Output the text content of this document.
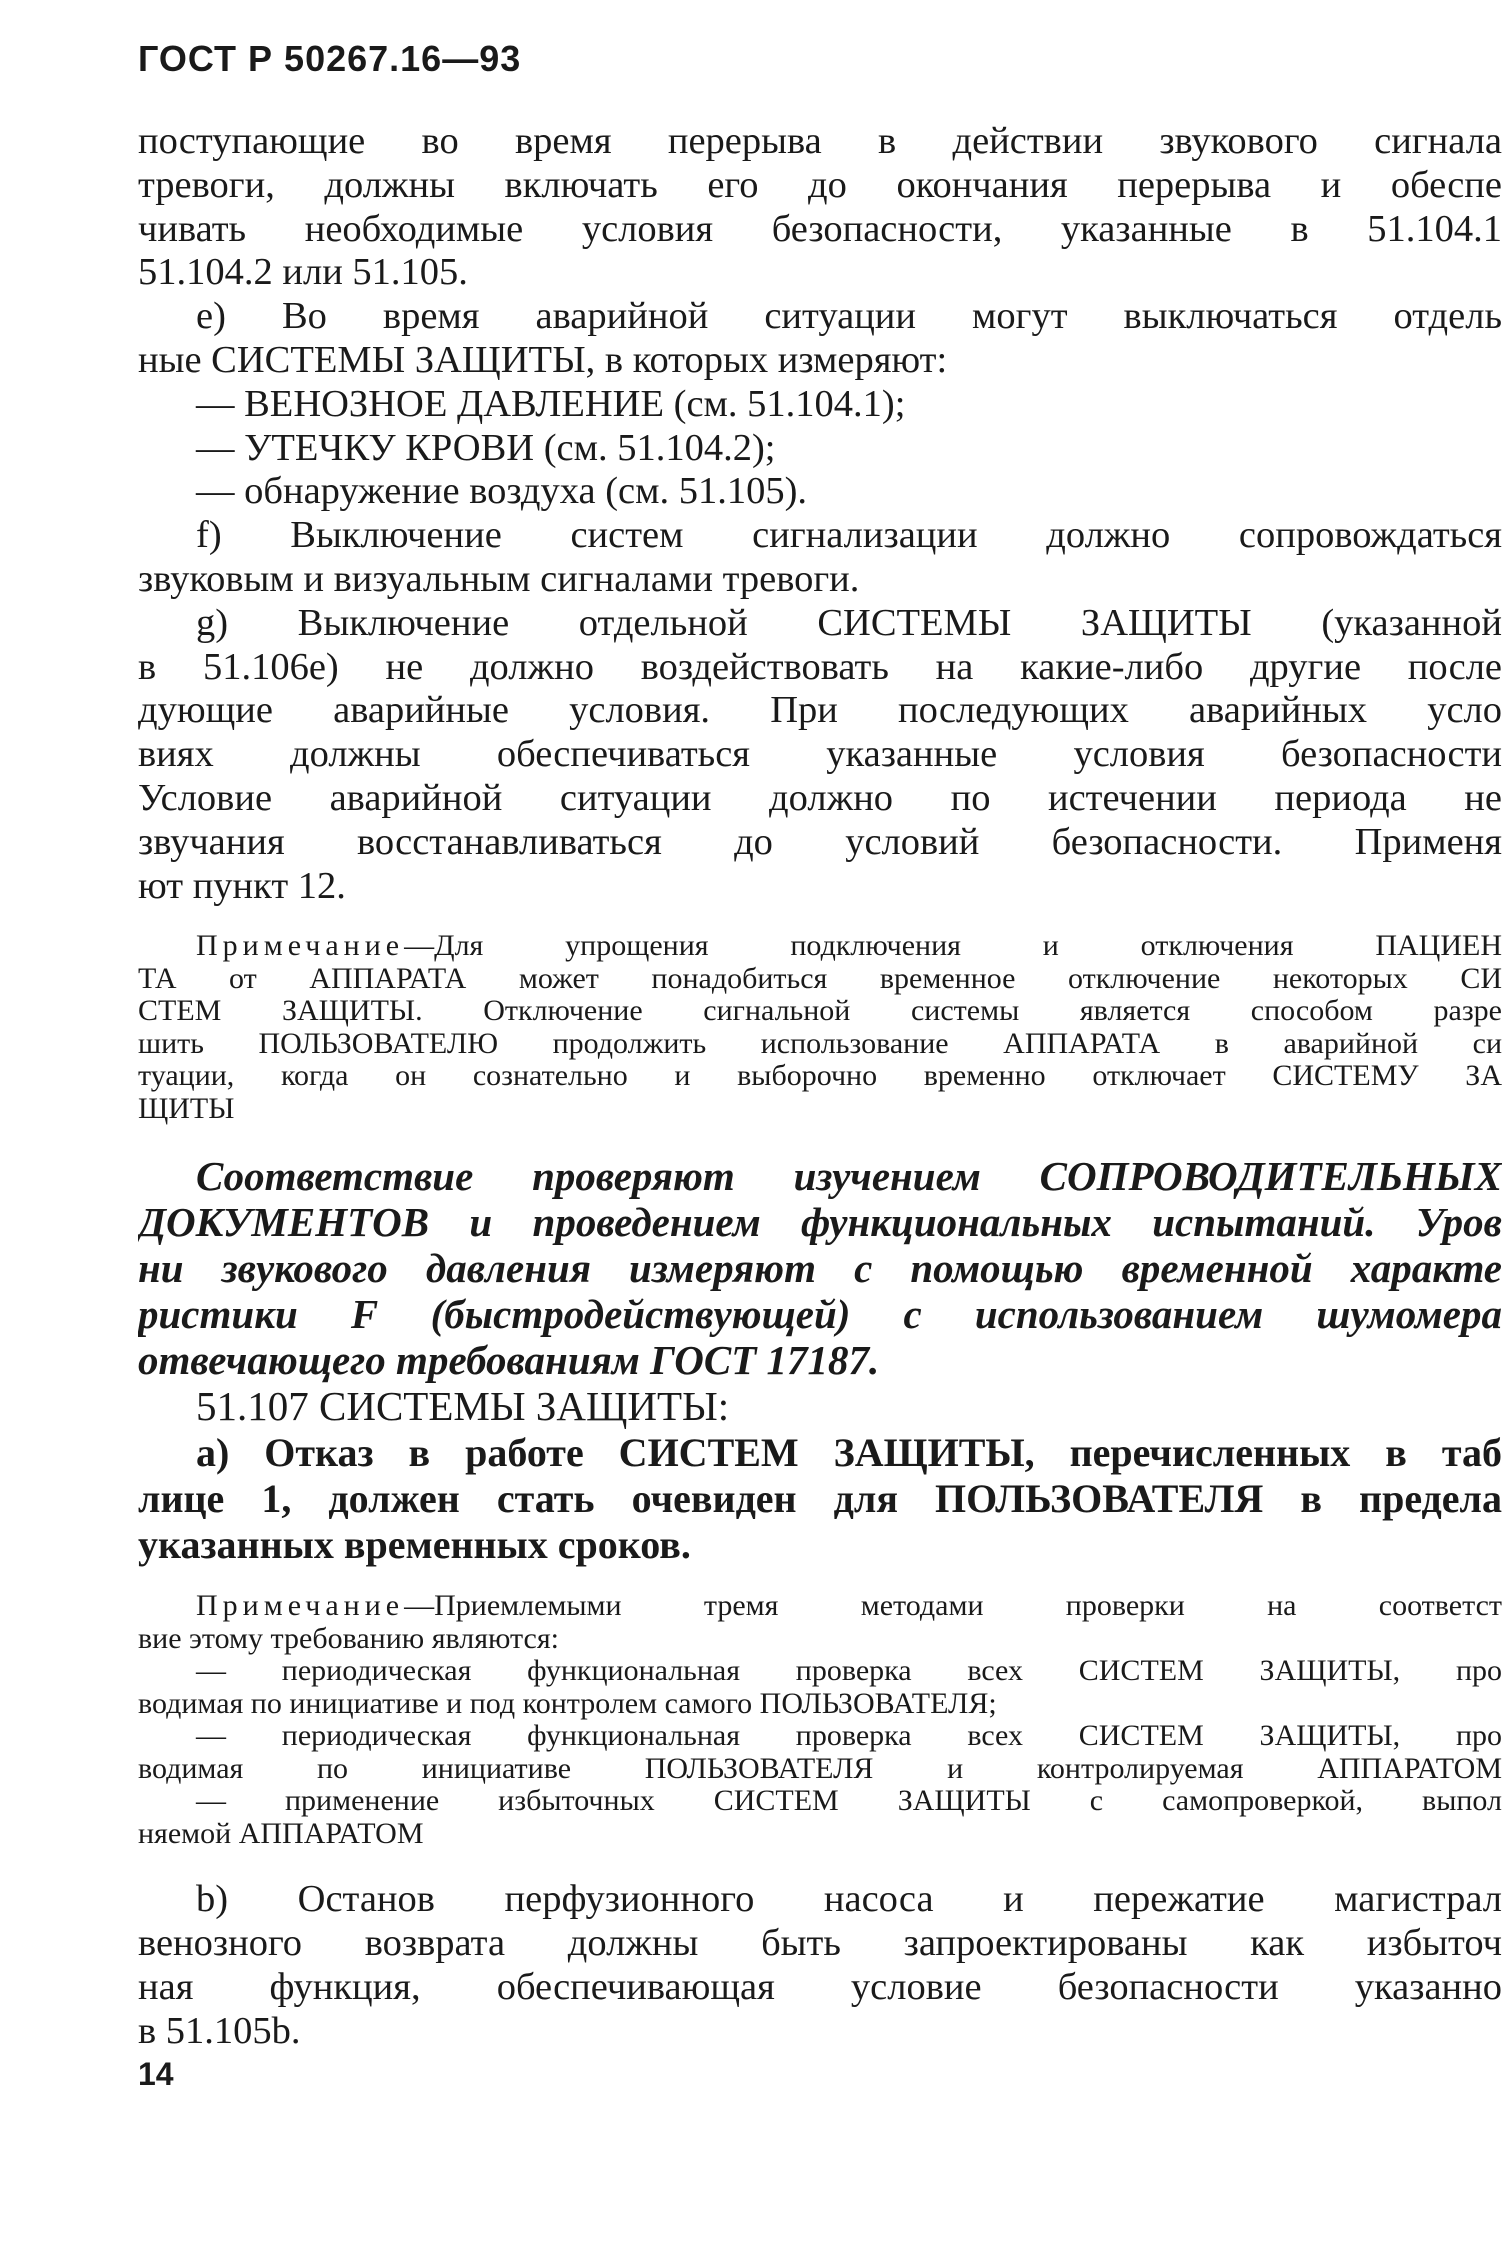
ГОСТ Р 50267.16—93
поступающие во время перерыва в действии звукового сигнала
тревоги, должны включать его до окончания перерыва и обеспе
чивать необходимые условия безопасности, указанные в 51.104.1
51.104.2 или 51.105.
e) Во время аварийной ситуации могут выключаться отдель
ные СИСТЕМЫ ЗАЩИТЫ, в которых измеряют:
— ВЕНОЗНОЕ ДАВЛЕНИЕ (см. 51.104.1);
— УТЕЧКУ КРОВИ (см. 51.104.2);
— обнаружение воздуха (см. 51.105).
f) Выключение систем сигнализации должно сопровождаться
звуковым и визуальным сигналами тревоги.
g) Выключение отдельной СИСТЕМЫ ЗАЩИТЫ (указанной
в 51.106e) не должно воздействовать на какие-либо другие после
дующие аварийные условия. При последующих аварийных усло
виях должны обеспечиваться указанные условия безопасности
Условие аварийной ситуации должно по истечении периода не
звучания восстанавливаться до условий безопасности. Применя
ют пункт 12.
Примечание—Для упрощения подключения и отключения ПАЦИЕН
ТА от АППАРАТА может понадобиться временное отключение некоторых СИ
СТЕМ ЗАЩИТЫ. Отключение сигнальной системы является способом разре
шить ПОЛЬЗОВАТЕЛЮ продолжить использование АППАРАТА в аварийной си
туации, когда он сознательно и выборочно временно отключает СИСТЕМУ ЗА
ЩИТЫ
Соответствие проверяют изучением СОПРОВОДИТЕЛЬНЫХ
ДОКУМЕНТОВ и проведением функциональных испытаний. Уров
ни звукового давления измеряют с помощью временной характе
ристики F (быстродействующей) с использованием шумомера
отвечающего требованиям ГОСТ 17187.
51.107 СИСТЕМЫ ЗАЩИТЫ:
a) Отказ в работе СИСТЕМ ЗАЩИТЫ, перечисленных в таб
лице 1, должен стать очевиден для ПОЛЬЗОВАТЕЛЯ в предела
указанных временных сроков.
Примечание—Приемлемыми тремя методами проверки на соответст
вие этому требованию являются:
— периодическая функциональная проверка всех СИСТЕМ ЗАЩИТЫ, про
водимая по инициативе и под контролем самого ПОЛЬЗОВАТЕЛЯ;
— периодическая функциональная проверка всех СИСТЕМ ЗАЩИТЫ, про
водимая по инициативе ПОЛЬЗОВАТЕЛЯ и контролируемая АППАРАТОМ
— применение избыточных СИСТЕМ ЗАЩИТЫ с самопроверкой, выпол
няемой АППАРАТОМ
b) Останов перфузионного насоса и пережатие магистрал
венозного возврата должны быть запроектированы как избыточ
ная функция, обеспечивающая условие безопасности указанно
в 51.105b.
14
